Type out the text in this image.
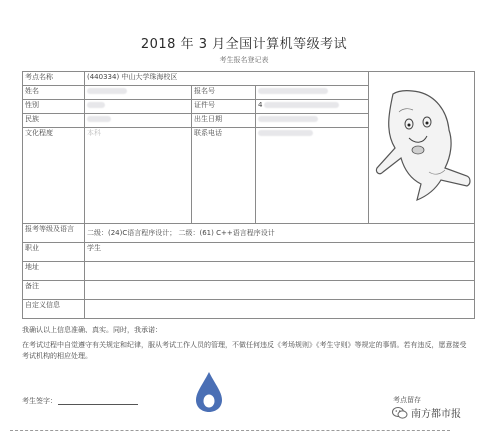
2018 年 3 月全国计算机等级考试
考生报名登记表
考点名称	(440334) 中山大学珠海校区	
姓名		报名号		
性别		证件号	4	
民族		出生日期		
文化程度	本科	联系电话		
报考等级及语言	二级：(24)C语言程序设计； 二级：(61) C++语言程序设计			
职业	学生			
地址				
备注				
自定义信息				
我确认以上信息准确、真实。同时，我承诺：
在考试过程中自觉遵守有关规定和纪律，服从考试工作人员的管理，不做任何违反《考场规则》《考生守则》等规定的事情。若有违反，愿意接受考试机构的相应处理。
考生签字：	考点留存
南方都市报
